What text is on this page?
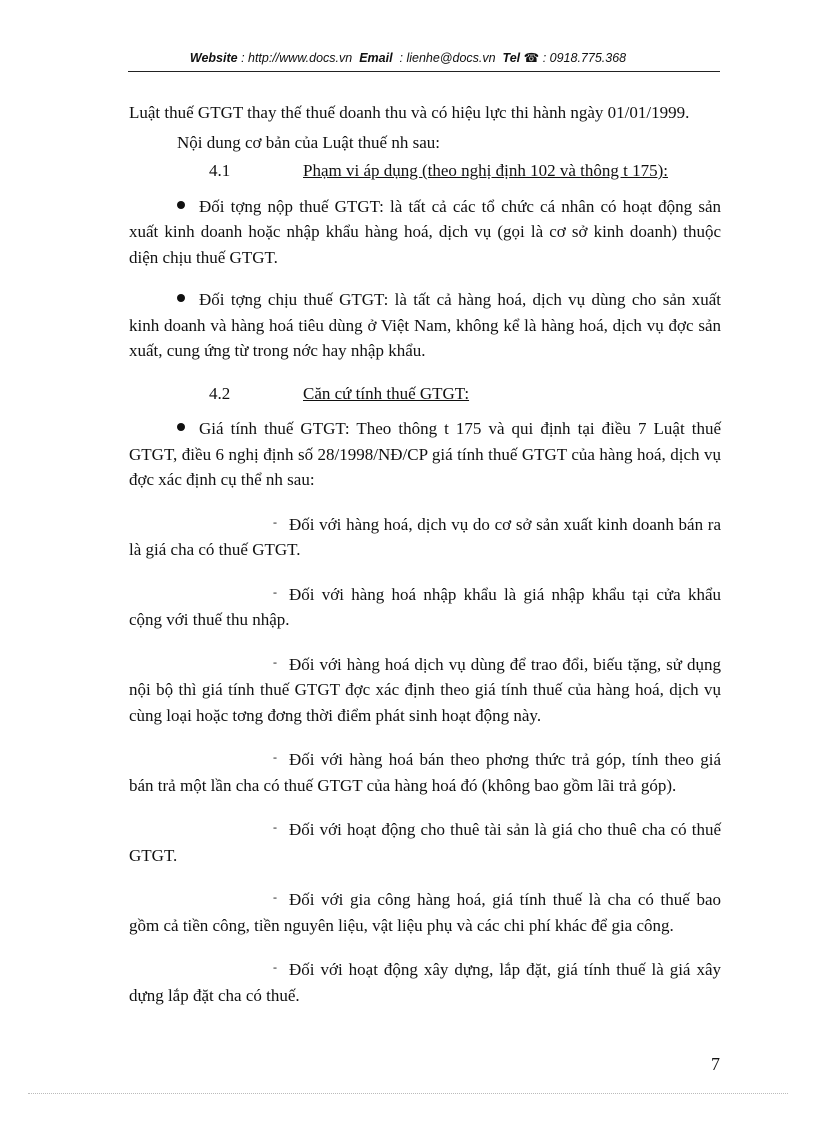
Website : http://www.docs.vn Email : lienhe@docs.vn Tel ☎ : 0918.775.368

Luật thuế GTGT thay thế thuế doanh thu và có hiệu lực thi hành ngày 01/01/1999.

Nội dung cơ bản của Luật thuế nh sau:

4.1	Phạm vi áp dụng (theo nghị định 102 và thông t 175):

Đối tợng nộp thuế GTGT: là tất cả các tổ chức cá nhân có hoạt động sản xuất kinh doanh hoặc nhập khẩu hàng hoá, dịch vụ (gọi là cơ sở kinh doanh) thuộc diện chịu thuế GTGT.

Đối tợng chịu thuế GTGT: là tất cả hàng hoá, dịch vụ dùng cho sản xuất kinh doanh và hàng hoá tiêu dùng ở Việt Nam, không kể là hàng hoá, dịch vụ đợc sản xuất, cung ứng từ trong nớc hay nhập khẩu.

4.2	Căn cứ tính thuế GTGT:

Giá tính thuế GTGT: Theo thông t 175 và qui định tại điều 7 Luật thuế GTGT, điều 6 nghị định số 28/1998/NĐ/CP giá tính thuế GTGT của hàng hoá, dịch vụ đợc xác định cụ thể nh sau:

- Đối với hàng hoá, dịch vụ do cơ sở sản xuất kinh doanh bán ra là giá cha có thuế GTGT.

- Đối với hàng hoá nhập khẩu là giá nhập khẩu tại cửa khẩu cộng với thuế thu nhập.

- Đối với hàng hoá dịch vụ dùng để trao đổi, biếu tặng, sử dụng nội bộ thì giá tính thuế GTGT đợc xác định theo giá tính thuế của hàng hoá, dịch vụ cùng loại hoặc tơng đơng thời điểm phát sinh hoạt động này.

- Đối với hàng hoá bán theo phơng thức trả góp, tính theo giá bán trả một lần cha có thuế GTGT của hàng hoá đó (không bao gồm lãi trả góp).

- Đối với hoạt động cho thuê tài sản là giá cho thuê cha có thuế GTGT.

- Đối với gia công hàng hoá, giá tính thuế là cha có thuế bao gồm cả tiền công, tiền nguyên liệu, vật liệu phụ và các chi phí khác để gia công.

- Đối với hoạt động xây dựng, lắp đặt, giá tính thuế là giá xây dựng lắp đặt cha có thuế.

7
